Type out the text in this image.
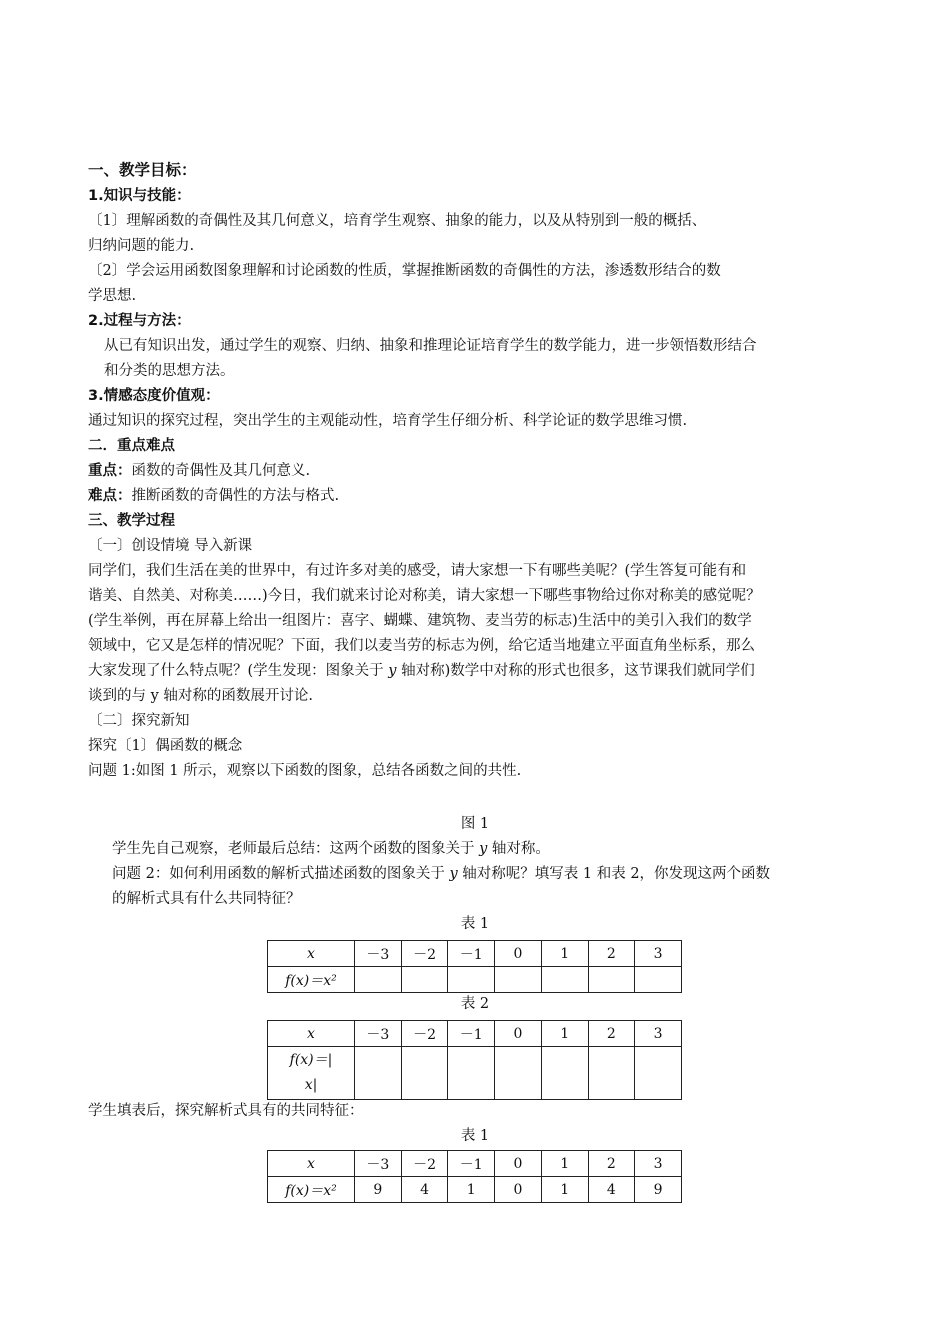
一、教学目标：
1.知识与技能：
〔1〕理解函数的奇偶性及其几何意义，培育学生观察、抽象的能力，以及从特别到一般的概括、
归纳问题的能力.
〔2〕学会运用函数图象理解和讨论函数的性质，掌握推断函数的奇偶性的方法，渗透数形结合的数
学思想.
2.过程与方法：
从已有知识出发，通过学生的观察、归纳、抽象和推理论证培育学生的数学能力，进一步领悟数形结合
和分类的思想方法。
3.情感态度价值观：
通过知识的探究过程，突出学生的主观能动性，培育学生仔细分析、科学论证的数学思维习惯.
二．重点难点
重点：函数的奇偶性及其几何意义.
难点：推断函数的奇偶性的方法与格式.
三、教学过程
〔一〕创设情境 导入新课
同学们，我们生活在美的世界中，有过许多对美的感受，请大家想一下有哪些美呢？(学生答复可能有和
谐美、自然美、对称美……)今日，我们就来讨论对称美，请大家想一下哪些事物给过你对称美的感觉呢？
(学生举例，再在屏幕上给出一组图片：喜字、蝴蝶、建筑物、麦当劳的标志)生活中的美引入我们的数学
领域中，它又是怎样的情况呢？下面，我们以麦当劳的标志为例，给它适当地建立平面直角坐标系，那么
大家发现了什么特点呢？(学生发现：图象关于 y 轴对称)数学中对称的形式也很多，这节课我们就同学们
谈到的与 y 轴对称的函数展开讨论.
〔二〕探究新知
探究〔1〕偶函数的概念
问题 1:如图 1 所示，观察以下函数的图象，总结各函数之间的共性.
图 1
学生先自己观察，老师最后总结：这两个函数的图象关于 y 轴对称。
问题 2：如何利用函数的解析式描述函数的图象关于 y 轴对称呢？填写表 1 和表 2，你发现这两个函数
的解析式具有什么共同特征？
表 1
x	－3	－2	－1	0	1	2	3
f(x)＝x²							
表 2
x	－3	－2	－1	0	1	2	3

f(x)＝|
x|							

学生填表后，探究解析式具有的共同特征：
表 1
x	－3	－2	－1	0	1	2	3
f(x)＝x²	9	4	1	0	1	4	9
